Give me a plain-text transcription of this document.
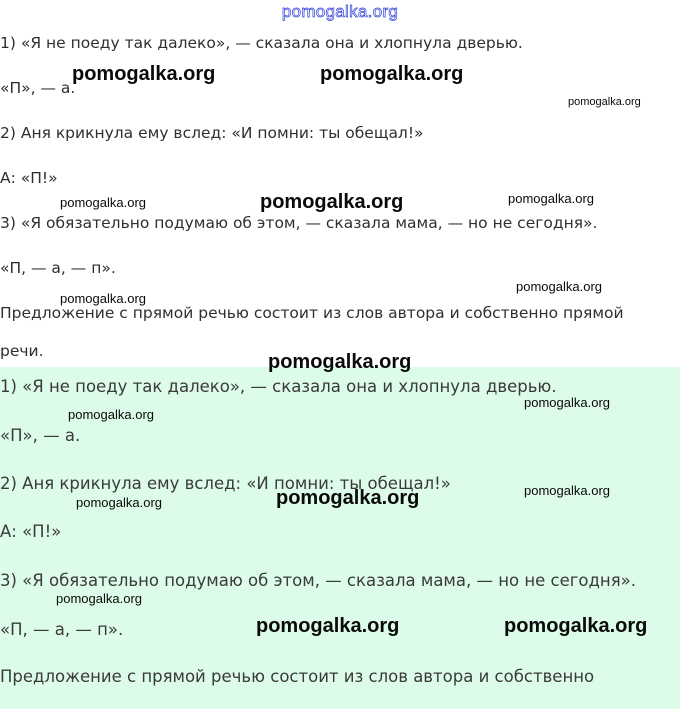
pomogalka.org
1) «Я не поеду так далеко», — сказала она и хлопнула дверью.
«П», — а.
2) Аня крикнула ему вслед: «И помни: ты обещал!»
А: «П!»
3) «Я обязательно подумаю об этом, — сказала мама, — но не сегодня».
«П, — а, — п».
Предложение с прямой речью состоит из слов автора и собственно прямой
речи.
1) «Я не поеду так далеко», — сказала она и хлопнула дверью.
«П», — а.
2) Аня крикнула ему вслед: «И помни: ты обещал!»
А: «П!»
3) «Я обязательно подумаю об этом, — сказала мама, — но не сегодня».
«П, — а, — п».
Предложение с прямой речью состоит из слов автора и собственно
pomogalka.org	pomogalka.org
pomogalka.org
pomogalka.org	pomogalka.org	pomogalka.org
pomogalka.org
pomogalka.org
pomogalka.org
pomogalka.org
pomogalka.org
pomogalka.org
pomogalka.org
pomogalka.org
pomogalka.org
pomogalka.org	pomogalka.org
